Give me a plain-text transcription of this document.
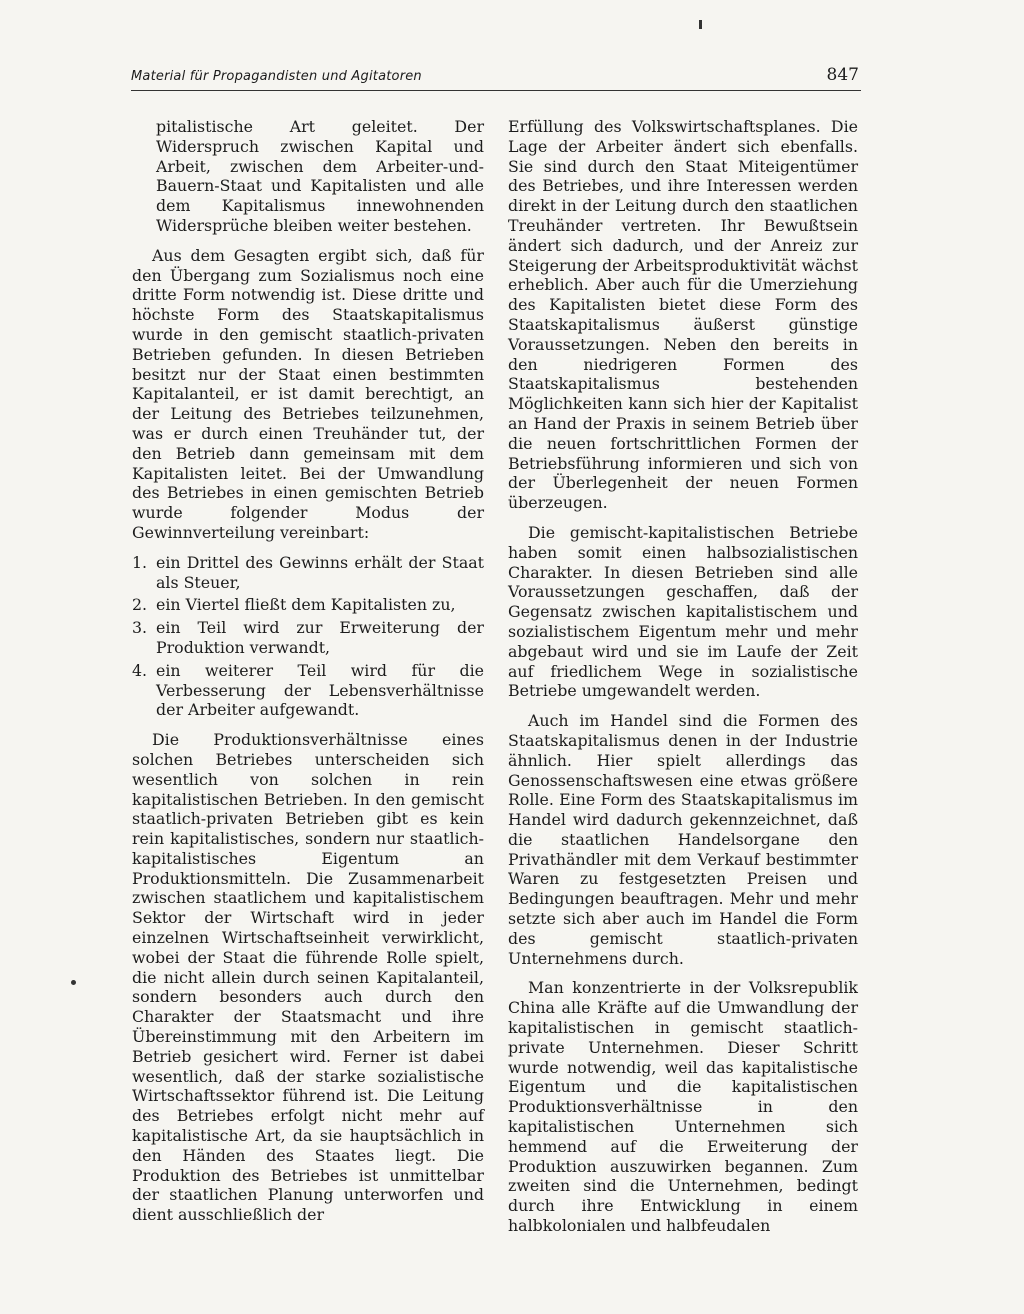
Material für Propagandisten und Agitatoren	847

pitalistische Art geleitet. Der Widerspruch zwischen Kapital und Arbeit, zwischen dem Arbeiter-und-Bauern-Staat und Kapitalisten und alle dem Kapitalismus innewohnenden Widersprüche bleiben weiter bestehen.

Aus dem Gesagten ergibt sich, daß für den Übergang zum Sozialismus noch eine dritte Form notwendig ist. Diese dritte und höchste Form des Staatskapitalismus wurde in den gemischt staatlich-privaten Betrieben gefunden. In diesen Betrieben besitzt nur der Staat einen bestimmten Kapitalanteil, er ist damit berechtigt, an der Leitung des Betriebes teilzunehmen, was er durch einen Treuhänder tut, der den Betrieb dann gemeinsam mit dem Kapitalisten leitet. Bei der Umwandlung des Betriebes in einen gemischten Betrieb wurde folgender Modus der Gewinnverteilung vereinbart:

1. ein Drittel des Gewinns erhält der Staat als Steuer,
2. ein Viertel fließt dem Kapitalisten zu,
3. ein Teil wird zur Erweiterung der Produktion verwandt,
4. ein weiterer Teil wird für die Verbesserung der Lebensverhältnisse der Arbeiter aufgewandt.

Die Produktionsverhältnisse eines solchen Betriebes unterscheiden sich wesentlich von solchen in rein kapitalistischen Betrieben. In den gemischt staatlich-privaten Betrieben gibt es kein rein kapitalistisches, sondern nur staatlich-kapitalistisches Eigentum an Produktionsmitteln. Die Zusammenarbeit zwischen staatlichem und kapitalistischem Sektor der Wirtschaft wird in jeder einzelnen Wirtschaftseinheit verwirklicht, wobei der Staat die führende Rolle spielt, die nicht allein durch seinen Kapitalanteil, sondern besonders auch durch den Charakter der Staatsmacht und ihre Übereinstimmung mit den Arbeitern im Betrieb gesichert wird. Ferner ist dabei wesentlich, daß der starke sozialistische Wirtschaftssektor führend ist. Die Leitung des Betriebes erfolgt nicht mehr auf kapitalistische Art, da sie hauptsächlich in den Händen des Staates liegt. Die Produktion des Betriebes ist unmittelbar der staatlichen Planung unterworfen und dient ausschließlich der

Erfüllung des Volkswirtschaftsplanes. Die Lage der Arbeiter ändert sich ebenfalls. Sie sind durch den Staat Miteigentümer des Betriebes, und ihre Interessen werden direkt in der Leitung durch den staatlichen Treuhänder vertreten. Ihr Bewußtsein ändert sich dadurch, und der Anreiz zur Steigerung der Arbeitsproduktivität wächst erheblich. Aber auch für die Umerziehung des Kapitalisten bietet diese Form des Staatskapitalismus äußerst günstige Voraussetzungen. Neben den bereits in den niedrigeren Formen des Staatskapitalismus bestehenden Möglichkeiten kann sich hier der Kapitalist an Hand der Praxis in seinem Betrieb über die neuen fortschrittlichen Formen der Betriebsführung informieren und sich von der Überlegenheit der neuen Formen überzeugen.

Die gemischt-kapitalistischen Betriebe haben somit einen halbsozialistischen Charakter. In diesen Betrieben sind alle Voraussetzungen geschaffen, daß der Gegensatz zwischen kapitalistischem und sozialistischem Eigentum mehr und mehr abgebaut wird und sie im Laufe der Zeit auf friedlichem Wege in sozialistische Betriebe umgewandelt werden.

Auch im Handel sind die Formen des Staatskapitalismus denen in der Industrie ähnlich. Hier spielt allerdings das Genossenschaftswesen eine etwas größere Rolle. Eine Form des Staatskapitalismus im Handel wird dadurch gekennzeichnet, daß die staatlichen Handelsorgane den Privathändler mit dem Verkauf bestimmter Waren zu festgesetzten Preisen und Bedingungen beauftragen. Mehr und mehr setzte sich aber auch im Handel die Form des gemischt staatlich-privaten Unternehmens durch.

Man konzentrierte in der Volksrepublik China alle Kräfte auf die Umwandlung der kapitalistischen in gemischt staatlich-private Unternehmen. Dieser Schritt wurde notwendig, weil das kapitalistische Eigentum und die kapitalistischen Produktionsverhältnisse in den kapitalistischen Unternehmen sich hemmend auf die Erweiterung der Produktion auszuwirken begannen. Zum zweiten sind die Unternehmen, bedingt durch ihre Entwicklung in einem halbkolonialen und halbfeudalen
